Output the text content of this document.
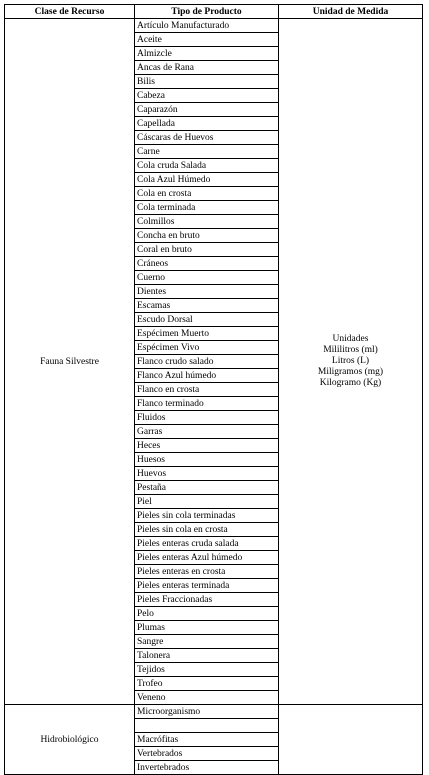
Clase de Recurso	Tipo de Producto	Unidad de Medida
Fauna Silvestre	Artículo Manufacturado	Unidades
Mililitros (ml)
Litros (L)
Miligramos (mg)
Kilogramo (Kg)

	Aceite	
	Almizcle	
	Ancas de Rana	
	Bilis	
	Cabeza	
	Caparazón	
	Capellada	
	Cáscaras de Huevos	
	Carne	
	Cola cruda Salada	
	Cola Azul Húmedo	
	Cola en crosta	
	Cola terminada	
	Colmillos	
	Concha en bruto	
	Coral en bruto	
	Cráneos	
	Cuerno	
	Dientes	
	Escamas	
	Escudo Dorsal	
	Espécimen Muerto	
	Espécimen Vivo	
	Flanco crudo salado	
	Flanco Azul húmedo	
	Flanco en crosta	
	Flanco terminado	
	Fluidos	
	Garras	
	Heces	
	Huesos	
	Huevos	
	Pestaña	
	Piel	
	Pieles sin cola terminadas	
	Pieles sin cola en crosta	
	Pieles enteras cruda salada	
	Pieles enteras Azul húmedo	
	Pieles enteras en crosta	
	Pieles enteras terminada	
	Pieles Fraccionadas	
	Pelo	
	Plumas	
	Sangre	
	Talonera	
	Tejidos	
	Trofeo	
	Veneno	
Hidrobiológico	Microorganismo	

	Macrófitas	
	Vertebrados	
	Invertebrados	
